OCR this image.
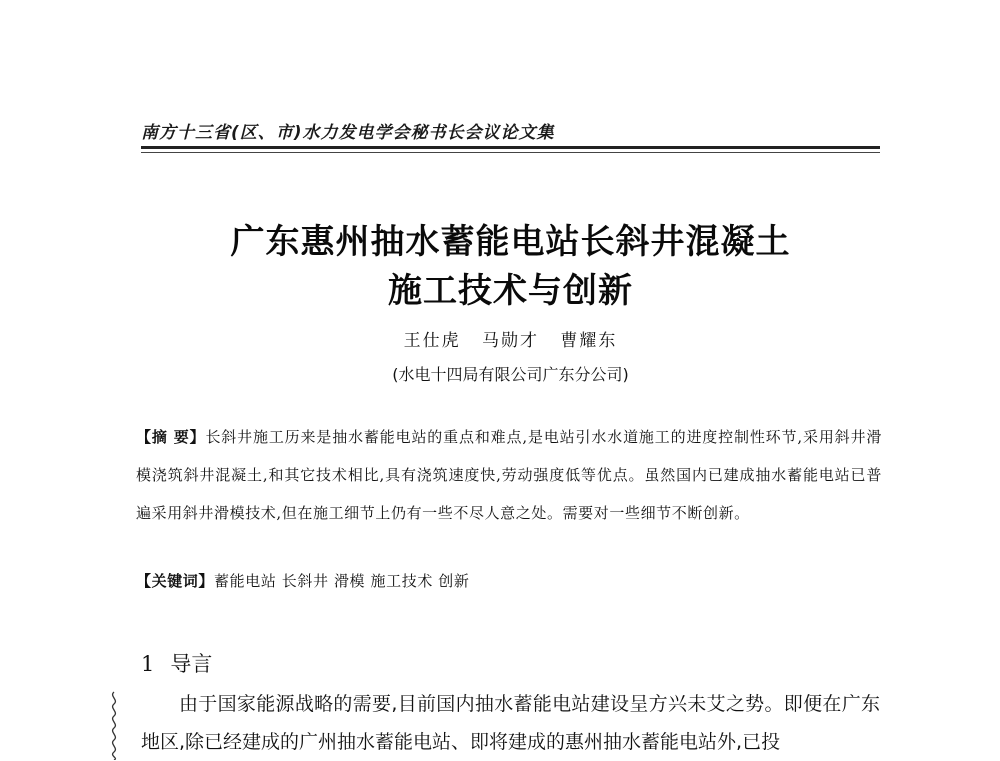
南方十三省(区、市)水力发电学会秘书长会议论文集
广东惠州抽水蓄能电站长斜井混凝土
施工技术与创新
王仕虎 马勋才 曹耀东
(水电十四局有限公司广东分公司)
【摘 要】长斜井施工历来是抽水蓄能电站的重点和难点,是电站引水水道施工的进度控制性环节,采用斜井滑模浇筑斜井混凝土,和其它技术相比,具有浇筑速度快,劳动强度低等优点。虽然国内已建成抽水蓄能电站已普遍采用斜井滑模技术,但在施工细节上仍有一些不尽人意之处。需要对一些细节不断创新。
【关键词】蓄能电站 长斜井 滑模 施工技术 创新
1 导言
由于国家能源战略的需要,目前国内抽水蓄能电站建设呈方兴未艾之势。即便在广东地区,除已经建成的广州抽水蓄能电站、即将建成的惠州抽水蓄能电站外,已投
